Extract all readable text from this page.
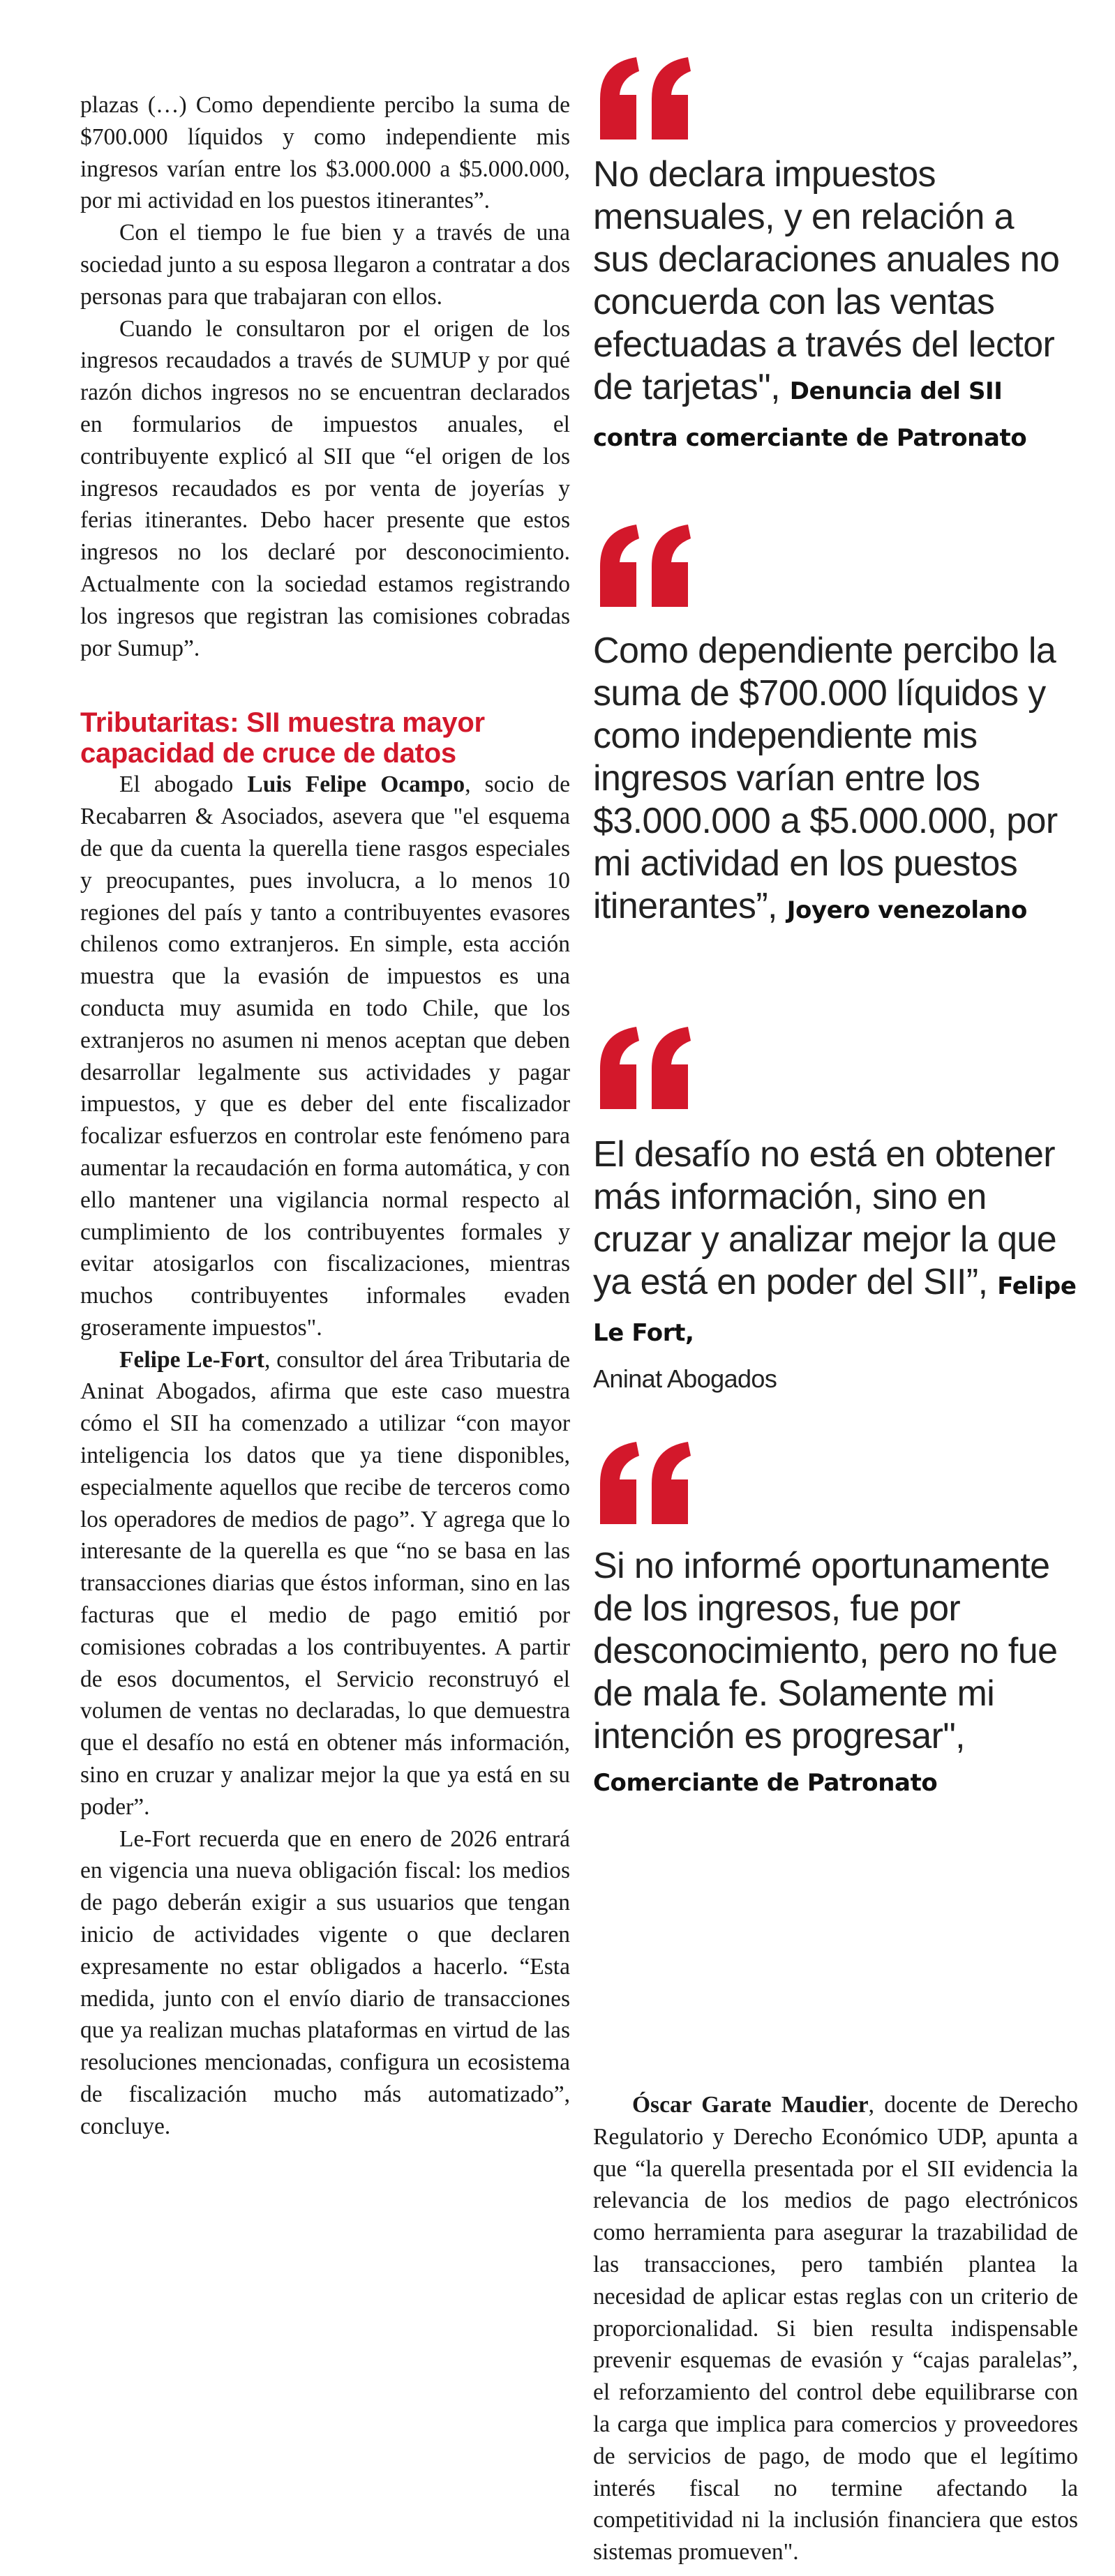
plazas (…) Como dependiente percibo la suma de $700.000 líquidos y como independiente mis ingresos varían entre los $3.000.000 a $5.000.000, por mi actividad en los puestos itinerantes”.

Con el tiempo le fue bien y a través de una sociedad junto a su esposa llegaron a contratar a dos personas para que trabajaran con ellos.

Cuando le consultaron por el origen de los ingresos recaudados a través de SUMUP y por qué razón dichos ingresos no se encuentran declarados en formularios de impuestos anuales, el contribuyente explicó al SII que “el origen de los ingresos recaudados es por venta de joyerías y ferias itinerantes. Debo hacer presente que estos ingresos no los declaré por desconocimiento. Actualmente con la sociedad estamos registrando los ingresos que registran las comisiones cobradas por Sumup”.

Tributaritas: SII muestra mayor capacidad de cruce de datos

El abogado Luis Felipe Ocampo, socio de Recabarren & Asociados, asevera que "el esquema de que da cuenta la querella tiene rasgos especiales y preocupantes, pues involucra, a lo menos 10 regiones del país y tanto a contribuyentes evasores chilenos como extranjeros. En simple, esta acción muestra que la evasión de impuestos es una conducta muy asumida en todo Chile, que los extranjeros no asumen ni menos aceptan que deben desarrollar legalmente sus actividades y pagar impuestos, y que es deber del ente fiscalizador focalizar esfuerzos en controlar este fenómeno para aumentar la recaudación en forma automática, y con ello mantener una vigilancia normal respecto al cumplimiento de los contribuyentes formales y evitar atosigarlos con fiscalizaciones, mientras muchos contribuyentes informales evaden groseramente impuestos".

Felipe Le-Fort, consultor del área Tributaria de Aninat Abogados, afirma que este caso muestra cómo el SII ha comenzado a utilizar “con mayor inteligencia los datos que ya tiene disponibles, especialmente aquellos que recibe de terceros como los operadores de medios de pago”. Y agrega que lo interesante de la querella es que “no se basa en las transacciones diarias que éstos informan, sino en las facturas que el medio de pago emitió por comisiones cobradas a los contribuyentes. A partir de esos documentos, el Servicio reconstruyó el volumen de ventas no declaradas, lo que demuestra que el desafío no está en obtener más información, sino en cruzar y analizar mejor la que ya está en su poder”.

Le-Fort recuerda que en enero de 2026 entrará en vigencia una nueva obligación fiscal: los medios de pago deberán exigir a sus usuarios que tengan inicio de actividades vigente o que declaren expresamente no estar obligados a hacerlo. “Esta medida, junto con el envío diario de transacciones que ya realizan muchas plataformas en virtud de las resoluciones mencionadas, configura un ecosistema de fiscalización mucho más automatizado”, concluye.

No declara impuestos mensuales, y en relación a sus declaraciones anuales no concuerda con las ventas efectuadas a través del lector de tarjetas", Denuncia del SII contra comerciante de Patronato
Como dependiente percibo la suma de $700.000 líquidos y como independiente mis ingresos varían entre los $3.000.000 a $5.000.000, por mi actividad en los puestos itinerantes”, Joyero venezolano
El desafío no está en obtener más información, sino en cruzar y analizar mejor la que ya está en poder del SII”, Felipe Le Fort,
Aninat Abogados
Si no informé oportunamente de los ingresos, fue por desconocimiento, pero no fue de mala fe. Solamente mi intención es progresar", Comerciante de Patronato

Óscar Garate Maudier, docente de Derecho Regulatorio y Derecho Económico UDP, apunta a que “la querella presentada por el SII evidencia la relevancia de los medios de pago electrónicos como herramienta para asegurar la trazabilidad de las transacciones, pero también plantea la necesidad de aplicar estas reglas con un criterio de proporcionalidad. Si bien resulta indispensable prevenir esquemas de evasión y “cajas paralelas”, el reforzamiento del control debe equilibrarse con la carga que implica para comercios y proveedores de servicios de pago, de modo que el legítimo interés fiscal no termine afectando la competitividad ni la inclusión financiera que estos sistemas promueven".
